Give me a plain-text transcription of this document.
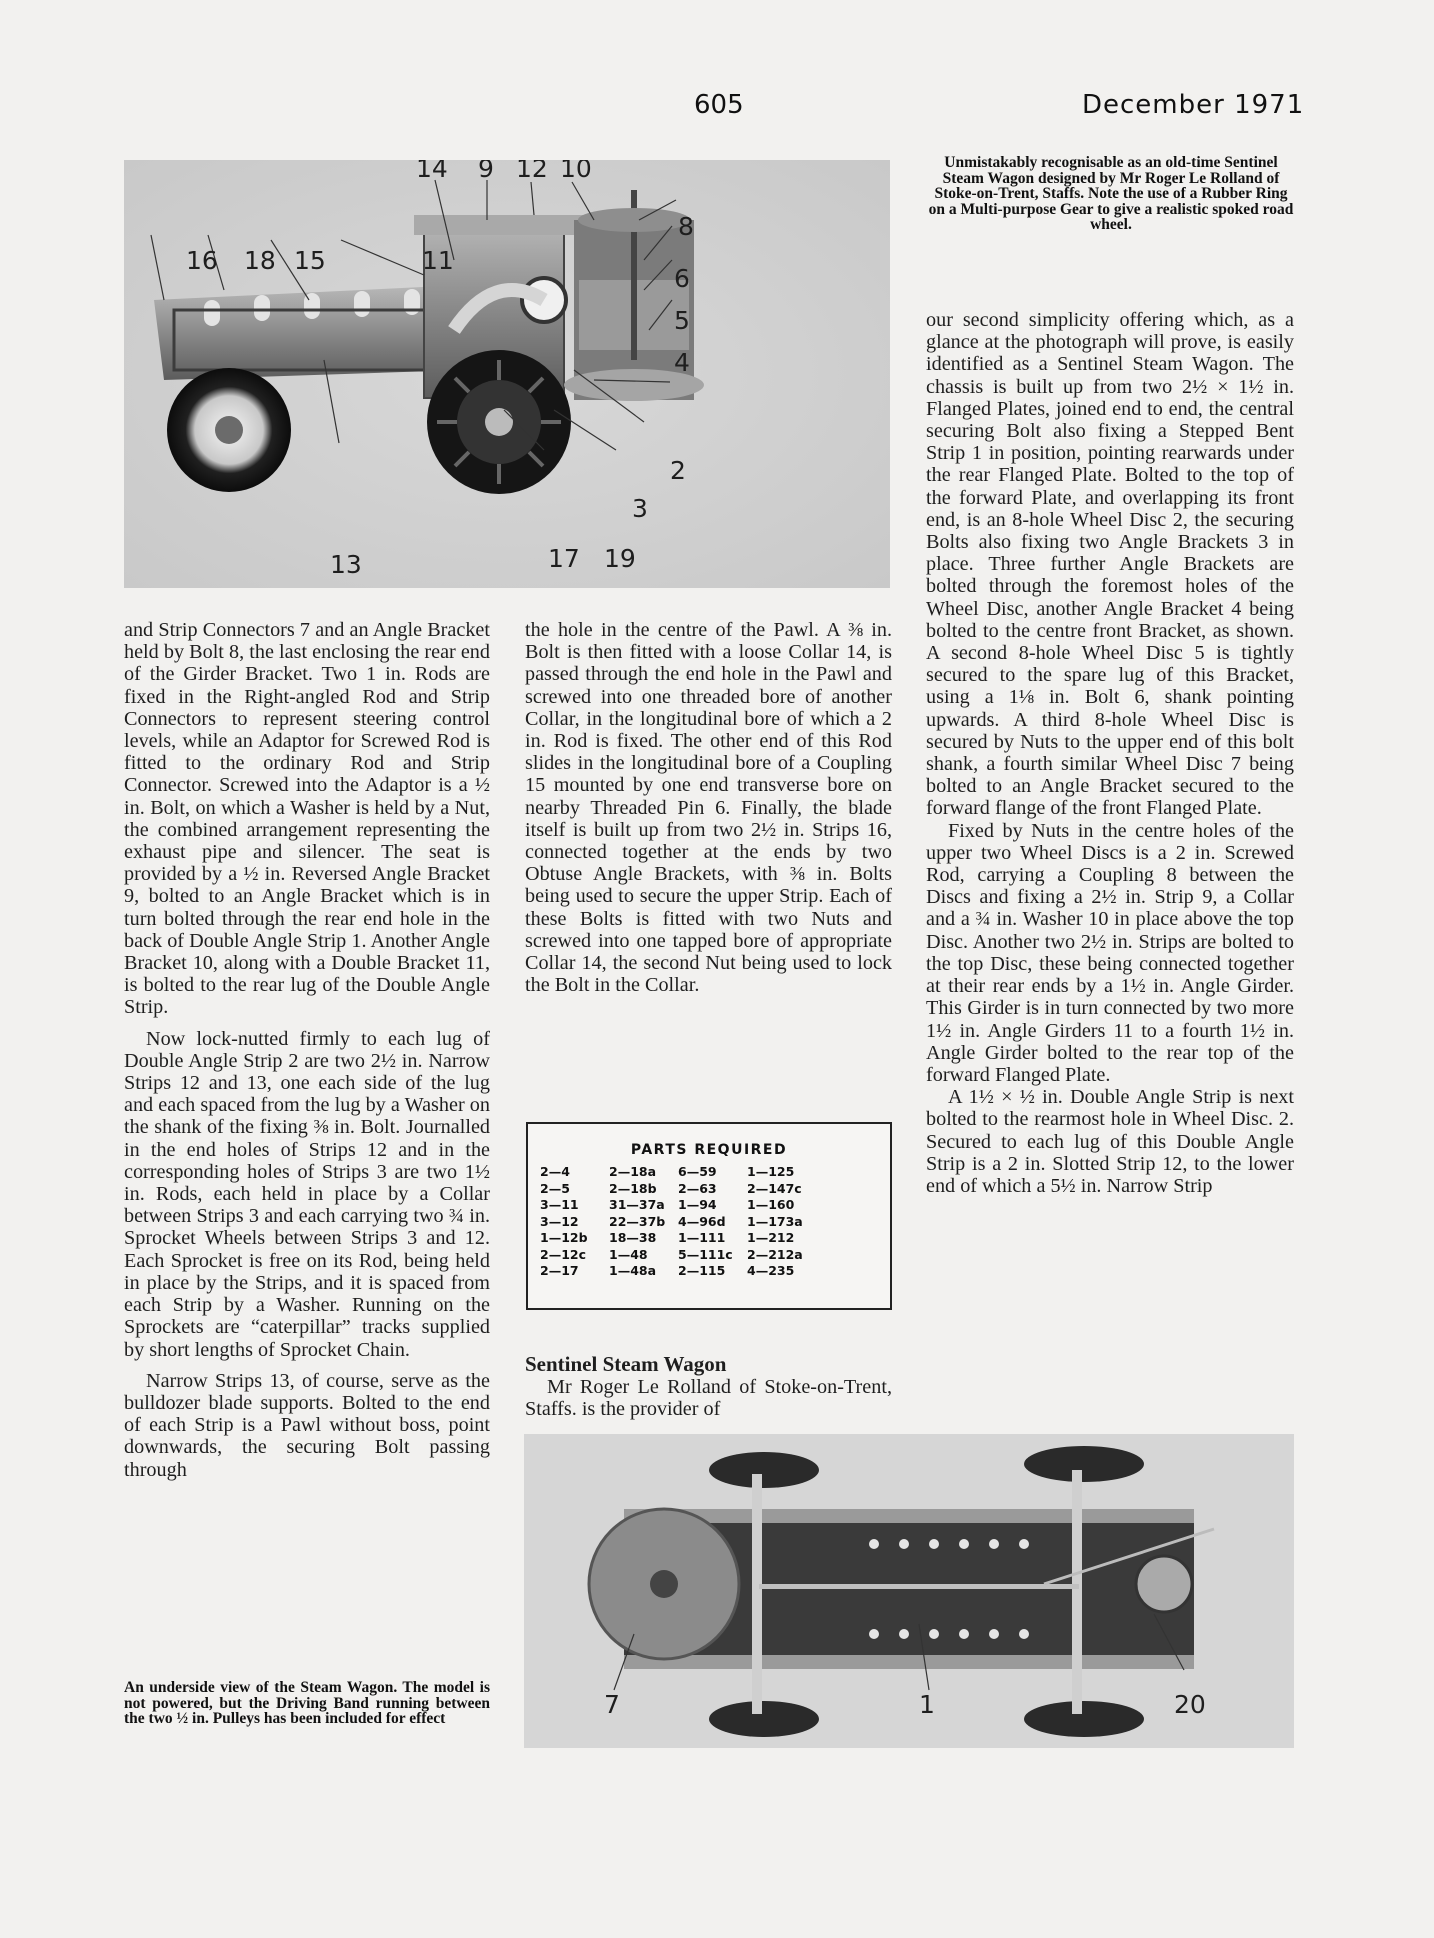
605	December 1971
Unmistakably recognisable as an old-time Sentinel Steam Wagon designed by Mr Roger Le Rolland of Stoke-on-Trent, Staffs. Note the use of a Rubber Ring on a Multi-purpose Gear to give a realistic spoked road wheel.
14 9 12 10
8
6
5
4
2
3
19
17
13
16 18 15	11

and Strip Connectors 7 and an Angle Bracket held by Bolt 8, the last enclosing the rear end of the Girder Bracket. Two 1 in. Rods are fixed in the Right-angled Rod and Strip Connectors to represent steering control levels, while an Adaptor for Screwed Rod is fitted to the ordinary Rod and Strip Connector. Screwed into the Adaptor is a ½ in. Bolt, on which a Washer is held by a Nut, the combined arrangement representing the exhaust pipe and silencer. The seat is provided by a ½ in. Reversed Angle Bracket 9, bolted to an Angle Bracket which is in turn bolted through the rear end hole in the back of Double Angle Strip 1. Another Angle Bracket 10, along with a Double Bracket 11, is bolted to the rear lug of the Double Angle Strip.

Now lock-nutted firmly to each lug of Double Angle Strip 2 are two 2½ in. Narrow Strips 12 and 13, one each side of the lug and each spaced from the lug by a Washer on the shank of the fixing ⅜ in. Bolt. Journalled in the end holes of Strips 12 and in the corresponding holes of Strips 3 are two 1½ in. Rods, each held in place by a Collar between Strips 3 and each carrying two ¾ in. Sprocket Wheels between Strips 3 and 12. Each Sprocket is free on its Rod, being held in place by the Strips, and it is spaced from each Strip by a Washer. Running on the Sprockets are “caterpillar” tracks supplied by short lengths of Sprocket Chain.

Narrow Strips 13, of course, serve as the bulldozer blade supports. Bolted to the end of each Strip is a Pawl without boss, point downwards, the securing Bolt passing through

the hole in the centre of the Pawl. A ⅜ in. Bolt is then fitted with a loose Collar 14, is passed through the end hole in the Pawl and screwed into one threaded bore of another Collar, in the longitudinal bore of which a 2 in. Rod is fixed. The other end of this Rod slides in the longitudinal bore of a Coupling 15 mounted by one end transverse bore on nearby Threaded Pin 6. Finally, the blade itself is built up from two 2½ in. Strips 16, connected together at the ends by two Obtuse Angle Brackets, with ⅜ in. Bolts being used to secure the upper Strip. Each of these Bolts is fitted with two Nuts and screwed into one tapped bore of appropriate Collar 14, the second Nut being used to lock the Bolt in the Collar.

PARTS REQUIRED
2—4	2—18a	6—59	1—125
2—5	2—18b	2—63	2—147c
3—11	31—37a	1—94	1—160
3—12	22—37b	4—96d	1—173a
1—12b	18—38	1—111	1—212
2—12c	1—48	5—111c	2—212a
2—17	1—48a	2—115	4—235
Sentinel Steam Wagon

Mr Roger Le Rolland of Stoke-on-Trent, Staffs. is the provider of

our second simplicity offering which, as a glance at the photograph will prove, is easily identified as a Sentinel Steam Wagon. The chassis is built up from two 2½ × 1½ in. Flanged Plates, joined end to end, the central securing Bolt also fixing a Stepped Bent Strip 1 in position, pointing rearwards under the rear Flanged Plate. Bolted to the top of the forward Plate, and overlapping its front end, is an 8-hole Wheel Disc 2, the securing Bolts also fixing two Angle Brackets 3 in place. Three further Angle Brackets are bolted through the foremost holes of the Wheel Disc, another Angle Bracket 4 being bolted to the centre front Bracket, as shown. A second 8-hole Wheel Disc 5 is tightly secured to the spare lug of this Bracket, using a 1⅛ in. Bolt 6, shank pointing upwards. A third 8-hole Wheel Disc is secured by Nuts to the upper end of this bolt shank, a fourth similar Wheel Disc 7 being bolted to an Angle Bracket secured to the forward flange of the front Flanged Plate.

Fixed by Nuts in the centre holes of the upper two Wheel Discs is a 2 in. Screwed Rod, carrying a Coupling 8 between the Discs and fixing a 2½ in. Strip 9, a Collar and a ¾ in. Washer 10 in place above the top Disc. Another two 2½ in. Strips are bolted to the top Disc, these being connected together at their rear ends by a 1½ in. Angle Girder. This Girder is in turn connected by two more 1½ in. Angle Girders 11 to a fourth 1½ in. Angle Girder bolted to the rear top of the forward Flanged Plate.

A 1½ × ½ in. Double Angle Strip is next bolted to the rearmost hole in Wheel Disc. 2. Secured to each lug of this Double Angle Strip is a 2 in. Slotted Strip 12, to the lower end of which a 5½ in. Narrow Strip

An underside view of the Steam Wagon. The model is not powered, but the Driving Band running between the two ½ in. Pulleys has been included for effect	7	1	20
